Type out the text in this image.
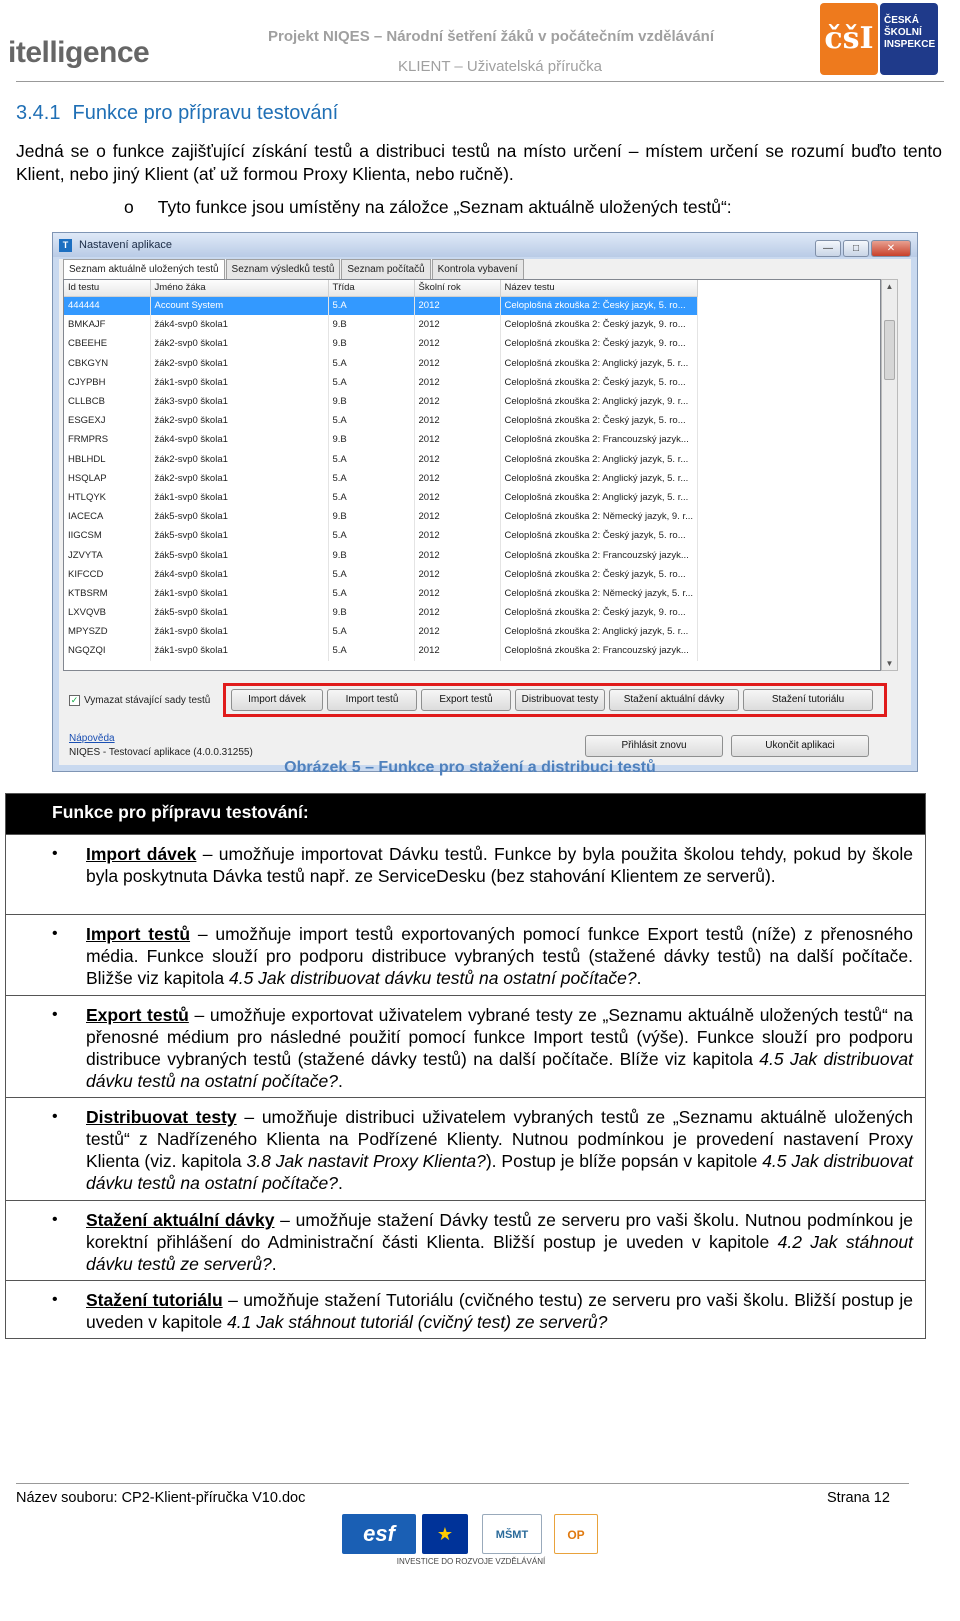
itelligence	Projekt NIQES – Národní šetření žáků v počátečním vzdělávání
KLIENT – Uživatelská příručka
čšI
ČESKÁ
ŠKOLNÍ
INSPEKCE
3.4.1 Funkce pro přípravu testování
Jedná se o funkce zajišťující získání testů a distribuci testů na místo určení – místem určení se rozumí buďto tento Klient, nebo jiný Klient (ať už formou Proxy Klienta, nebo ručně).
o Tyto funkce jsou umístěny na záložce „Seznam aktuálně uložených testů“:
T Nastavení aplikace	— □	✕
Seznam aktuálně uložených testů	Seznam výsledků testů	Seznam počítačů	Kontrola vybavení
Id testu	Jméno žáka	Třída	Školní rok	Název testu
444444	Account System	5.A	2012	Celoplošná zkouška 2: Český jazyk, 5. ro...
BMKAJF	žák4-svp0 škola1	9.B	2012	Celoplošná zkouška 2: Český jazyk, 9. ro...
CBEEHE	žák2-svp0 škola1	9.B	2012	Celoplošná zkouška 2: Český jazyk, 9. ro...
CBKGYN	žák2-svp0 škola1	5.A	2012	Celoplošná zkouška 2: Anglický jazyk, 5. r...
CJYPBH	žák1-svp0 škola1	5.A	2012	Celoplošná zkouška 2: Český jazyk, 5. ro...
CLLBCB	žák3-svp0 škola1	9.B	2012	Celoplošná zkouška 2: Anglický jazyk, 9. r...
ESGEXJ	žák2-svp0 škola1	5.A	2012	Celoplošná zkouška 2: Český jazyk, 5. ro...
FRMPRS	žák4-svp0 škola1	9.B	2012	Celoplošná zkouška 2: Francouzský jazyk...
HBLHDL	žák2-svp0 škola1	5.A	2012	Celoplošná zkouška 2: Anglický jazyk, 5. r...
HSQLAP	žák2-svp0 škola1	5.A	2012	Celoplošná zkouška 2: Anglický jazyk, 5. r...
HTLQYK	žák1-svp0 škola1	5.A	2012	Celoplošná zkouška 2: Anglický jazyk, 5. r...
IACECA	žák5-svp0 škola1	9.B	2012	Celoplošná zkouška 2: Německý jazyk, 9. r...
IIGCSM	žák5-svp0 škola1	5.A	2012	Celoplošná zkouška 2: Český jazyk, 5. ro...
JZVYTA	žák5-svp0 škola1	9.B	2012	Celoplošná zkouška 2: Francouzský jazyk...
KIFCCD	žák4-svp0 škola1	5.A	2012	Celoplošná zkouška 2: Český jazyk, 5. ro...
KTBSRM	žák1-svp0 škola1	5.A	2012	Celoplošná zkouška 2: Německý jazyk, 5. r...
LXVQVB	žák5-svp0 škola1	9.B	2012	Celoplošná zkouška 2: Český jazyk, 9. ro...
MPYSZD	žák1-svp0 škola1	5.A	2012	Celoplošná zkouška 2: Anglický jazyk, 5. r...
NGQZQI	žák1-svp0 škola1	5.A	2012	Celoplošná zkouška 2: Francouzský jazyk...
▲
▼
✓ Vymazat stávající sady testů	Import dávek	Import testů	Export testů	Distribuovat testy	Stažení aktuální dávky	Stažení tutoriálu
Nápověda
NIQES - Testovací aplikace (4.0.0.31255)
Přihlásit znovu	Ukončit aplikaci
Obrázek 5 – Funkce pro stažení a distribuci testů
Funkce pro přípravu testování:
• Import dávek – umožňuje importovat Dávku testů. Funkce by byla použita školou tehdy, pokud by škole byla poskytnuta Dávka testů např. ze ServiceDesku (bez stahování Klientem ze serverů).
• Import testů – umožňuje import testů exportovaných pomocí funkce Export testů (níže) z přenosného média. Funkce slouží pro podporu distribuce vybraných testů (stažené dávky testů) na další počítače. Bližše viz kapitola 4.5 Jak distribuovat dávku testů na ostatní počítače?.
• Export testů – umožňuje exportovat uživatelem vybrané testy ze „Seznamu aktuálně uložených testů“ na přenosné médium pro následné použití pomocí funkce Import testů (výše). Funkce slouží pro podporu distribuce vybraných testů (stažené dávky testů) na další počítače. Blíže viz kapitola 4.5 Jak distribuovat dávku testů na ostatní počítače?.
• Distribuovat testy – umožňuje distribuci uživatelem vybraných testů ze „Seznamu aktuálně uložených testů“ z Nadřízeného Klienta na Podřízené Klienty. Nutnou podmínkou je provedení nastavení Proxy Klienta (viz. kapitola 3.8 Jak nastavit Proxy Klienta?). Postup je blíže popsán v kapitole 4.5 Jak distribuovat dávku testů na ostatní počítače?.
• Stažení aktuální dávky – umožňuje stažení Dávky testů ze serveru pro vaši školu. Nutnou podmínkou je korektní přihlášení do Administrační části Klienta. Bližší postup je uveden v kapitole 4.2 Jak stáhnout dávku testů ze serverů?.
• Stažení tutoriálu – umožňuje stažení Tutoriálu (cvičného testu) ze serveru pro vaši školu. Bližší postup je uveden v kapitole 4.1 Jak stáhnout tutoriál (cvičný test) ze serverů?
Název souboru: CP2-Klient-příručka V10.doc	Strana 12
esf	★	MŠMT	OP
INVESTICE DO ROZVOJE VZDĚLÁVÁNÍ
